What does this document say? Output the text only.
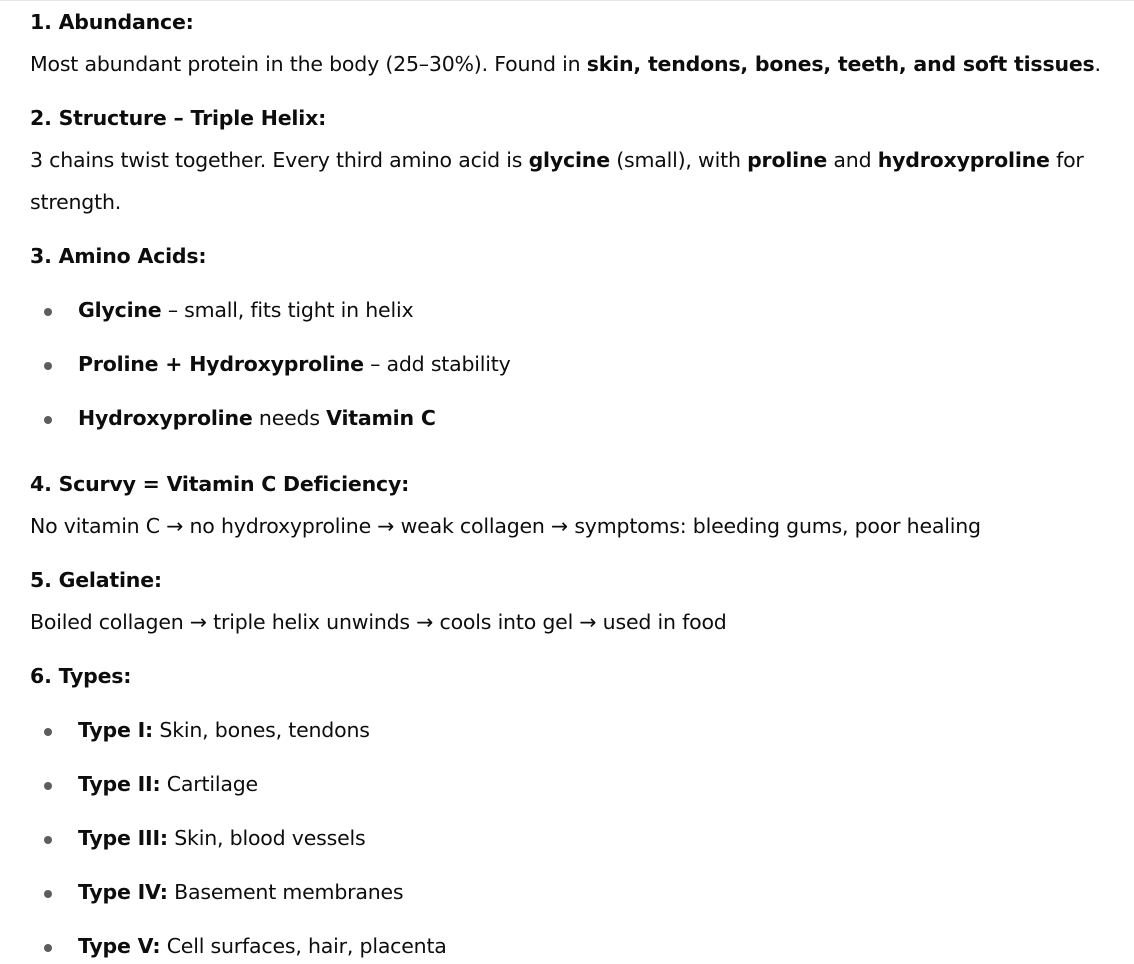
1. Abundance:
Most abundant protein in the body (25–30%). Found in skin, tendons, bones, teeth, and soft tissues.
2. Structure – Triple Helix:
3 chains twist together. Every third amino acid is glycine (small), with proline and hydroxyproline for
strength.
3. Amino Acids:
Glycine – small, fits tight in helix
Proline + Hydroxyproline – add stability
Hydroxyproline needs Vitamin C
4. Scurvy = Vitamin C Deficiency:
No vitamin C → no hydroxyproline → weak collagen → symptoms: bleeding gums, poor healing
5. Gelatine:
Boiled collagen → triple helix unwinds → cools into gel → used in food
6. Types:
Type I: Skin, bones, tendons
Type II: Cartilage
Type III: Skin, blood vessels
Type IV: Basement membranes
Type V: Cell surfaces, hair, placenta
